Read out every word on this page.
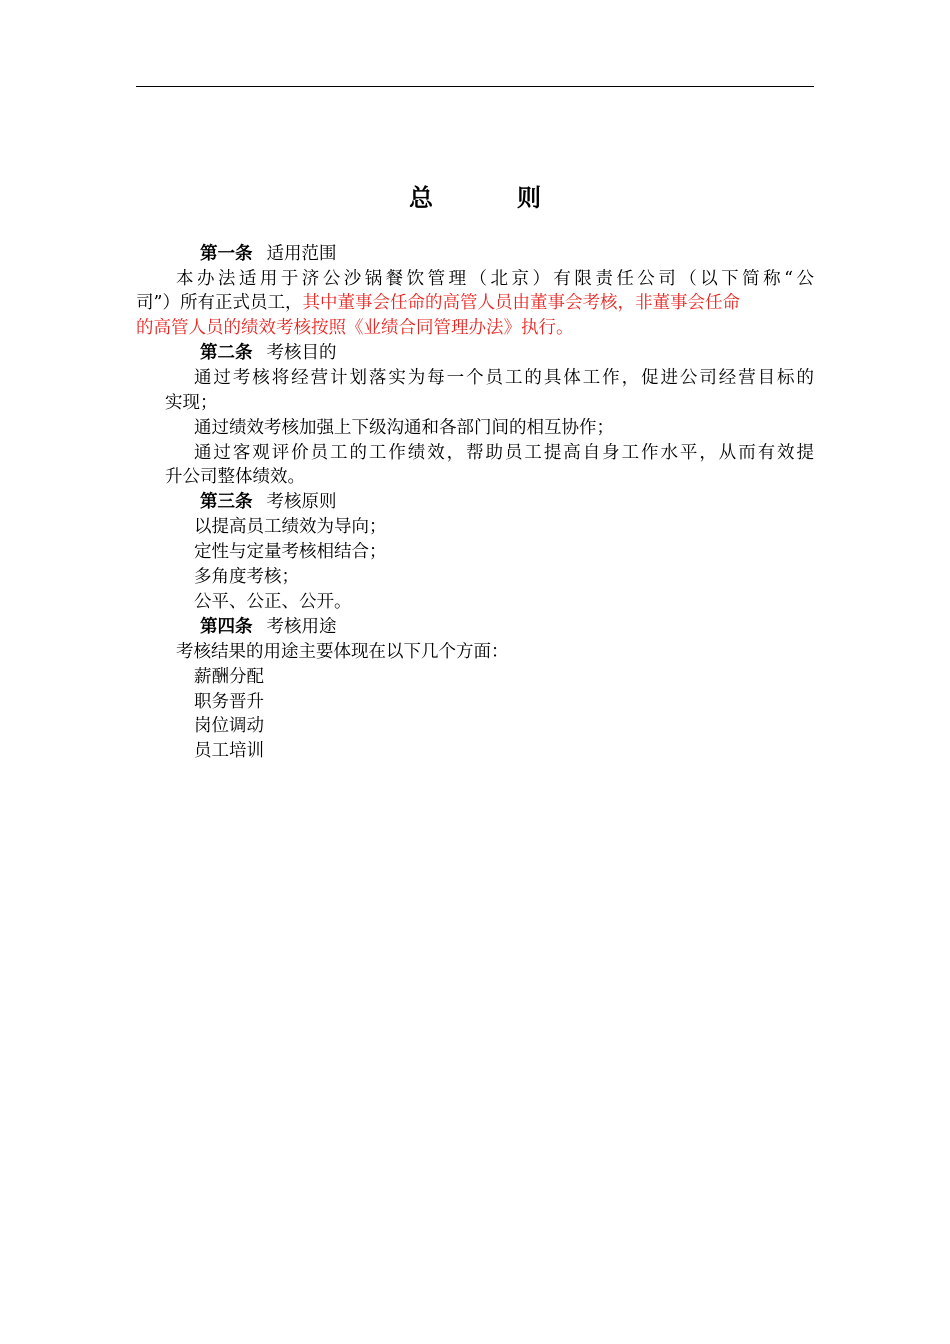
总　则
第一条 适用范围
本办法适用于济公沙锅餐饮管理（北京）有限责任公司（以下简称“公
司”）所有正式员工，其中董事会任命的高管人员由董事会考核，非董事会任命
的高管人员的绩效考核按照《业绩合同管理办法》执行。
第二条 考核目的
通过考核将经营计划落实为每一个员工的具体工作，促进公司经营目标的
实现；
通过绩效考核加强上下级沟通和各部门间的相互协作；
通过客观评价员工的工作绩效，帮助员工提高自身工作水平，从而有效提
升公司整体绩效。
第三条 考核原则
以提高员工绩效为导向；
定性与定量考核相结合；
多角度考核；
公平、公正、公开。
第四条 考核用途
考核结果的用途主要体现在以下几个方面：
薪酬分配
职务晋升
岗位调动
员工培训
